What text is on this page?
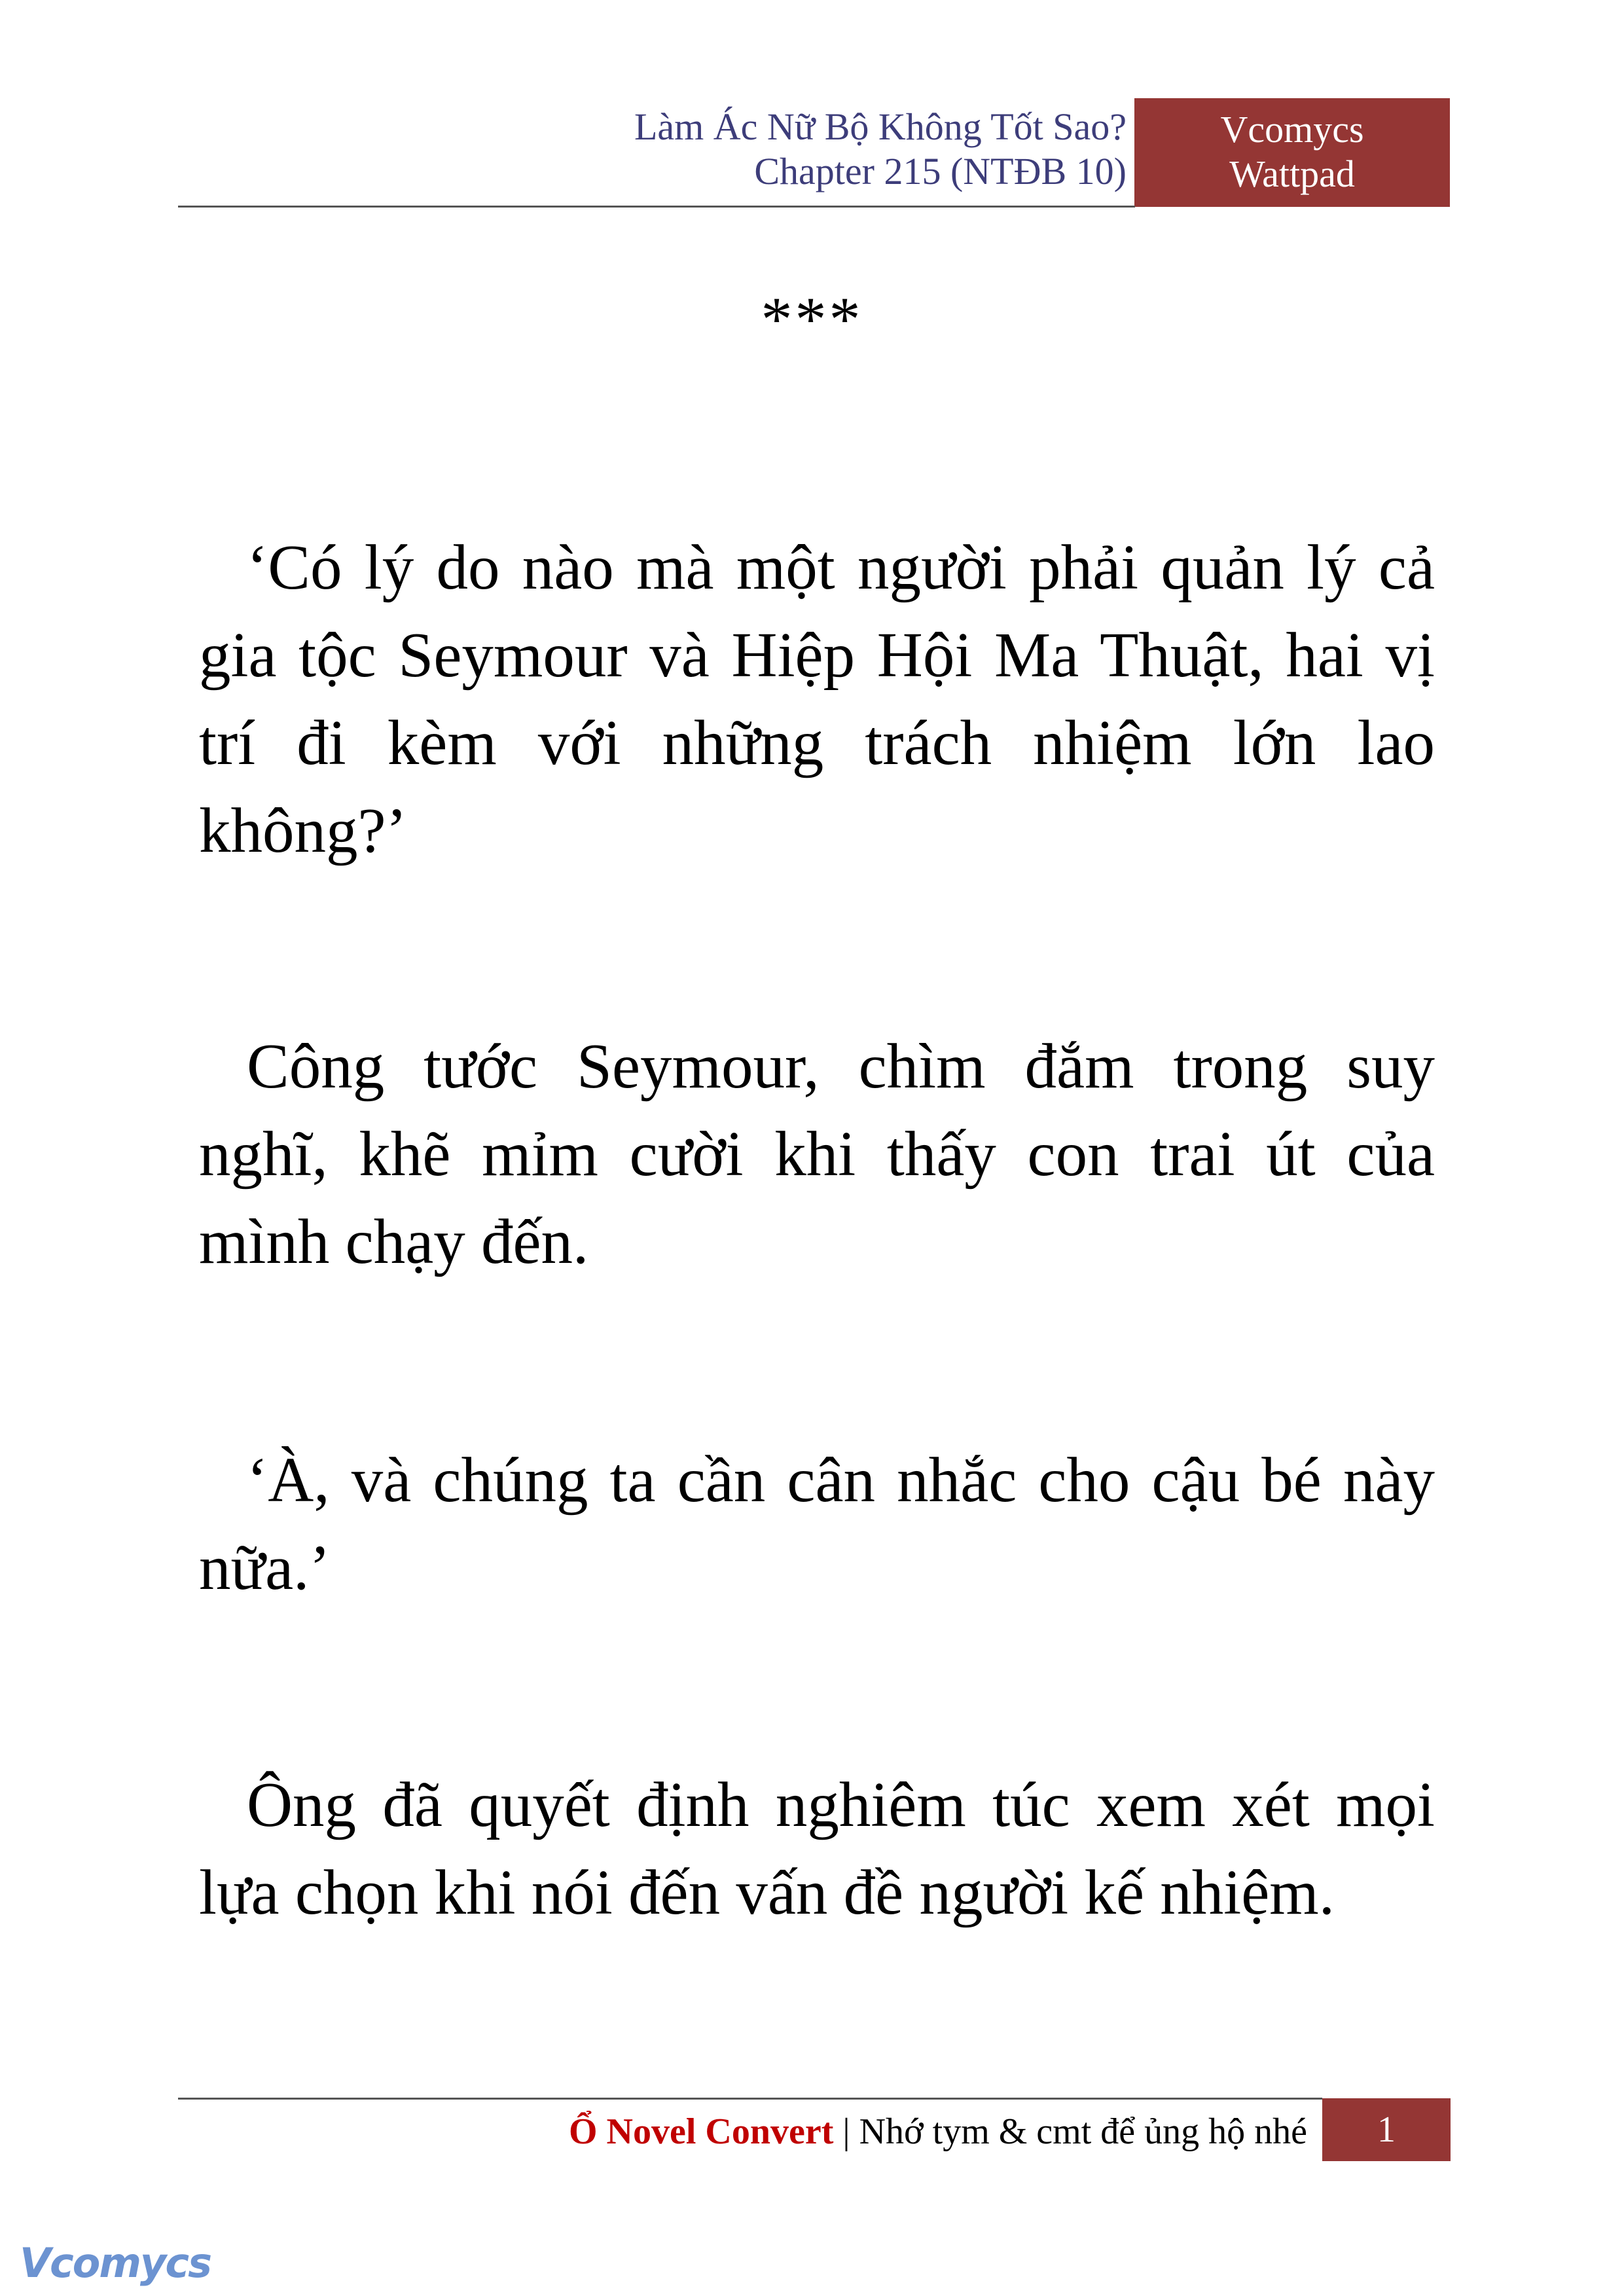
Làm Ác Nữ Bộ Không Tốt Sao?
Chapter 215 (NTĐB 10)
Vcomycs
Wattpad
***

‘Có lý do nào mà một người phải quản lý cả gia tộc Seymour và Hiệp Hội Ma Thuật, hai vị trí đi kèm với những trách nhiệm lớn lao không?’

Công tước Seymour, chìm đắm trong suy nghĩ, khẽ mỉm cười khi thấy con trai út của mình chạy đến.

‘À, và chúng ta cần cân nhắc cho cậu bé này nữa.’

Ông đã quyết định nghiêm túc xem xét mọi lựa chọn khi nói đến vấn đề người kế nhiệm.

Ổ Novel Convert | Nhớ tym & cmt để ủng hộ nhé	1
Vcomycs
